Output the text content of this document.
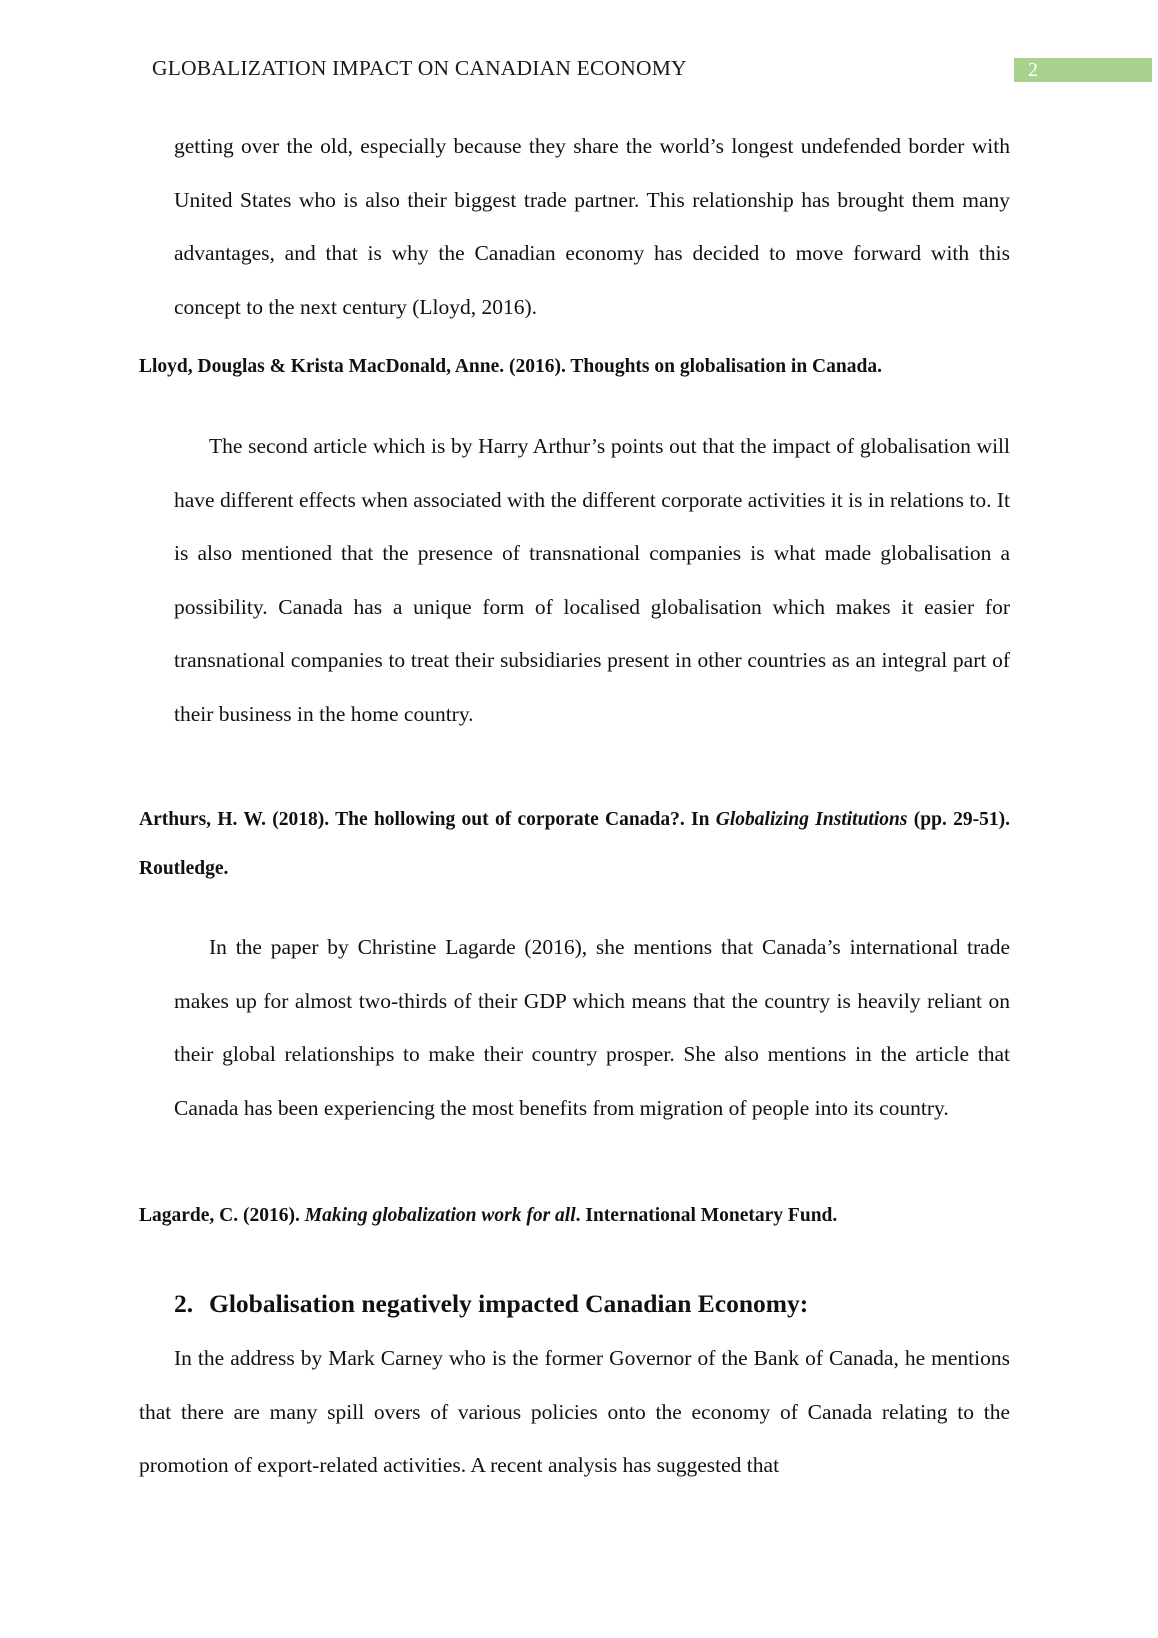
GLOBALIZATION IMPACT ON CANADIAN ECONOMY	2

getting over the old, especially because they share the world’s longest undefended border with United States who is also their biggest trade partner. This relationship has brought them many advantages, and that is why the Canadian economy has decided to move forward with this concept to the next century (Lloyd, 2016).

Lloyd, Douglas & Krista MacDonald, Anne. (2016). Thoughts on globalisation in Canada.

The second article which is by Harry Arthur’s points out that the impact of globalisation will have different effects when associated with the different corporate activities it is in relations to. It is also mentioned that the presence of transnational companies is what made globalisation a possibility. Canada has a unique form of localised globalisation which makes it easier for transnational companies to treat their subsidiaries present in other countries as an integral part of their business in the home country.

Arthurs, H. W. (2018). The hollowing out of corporate Canada?. In Globalizing Institutions (pp. 29-51). Routledge.

In the paper by Christine Lagarde (2016), she mentions that Canada’s international trade makes up for almost two-thirds of their GDP which means that the country is heavily reliant on their global relationships to make their country prosper. She also mentions in the article that Canada has been experiencing the most benefits from migration of people into its country.

Lagarde, C. (2016). Making globalization work for all. International Monetary Fund.

2. Globalisation negatively impacted Canadian Economy:

In the address by Mark Carney who is the former Governor of the Bank of Canada, he mentions that there are many spill overs of various policies onto the economy of Canada relating to the promotion of export-related activities. A recent analysis has suggested that
